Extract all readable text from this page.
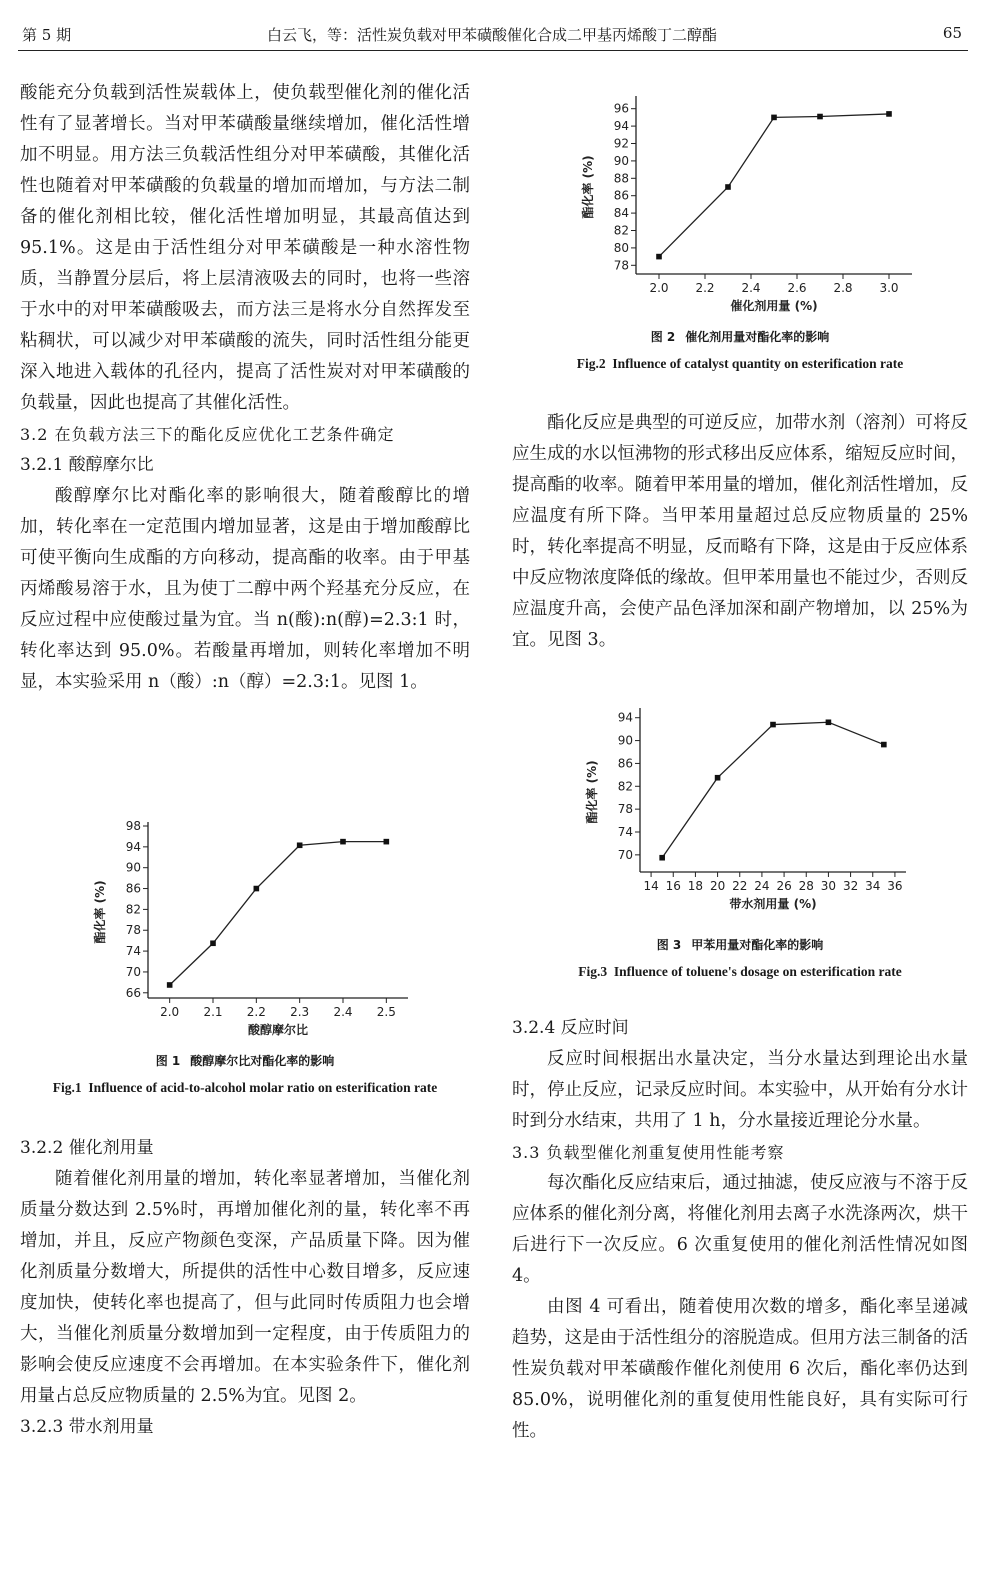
第 5 期	白云飞，等：活性炭负载对甲苯磺酸催化合成二甲基丙烯酸丁二醇酯	65

酸能充分负载到活性炭载体上，使负载型催化剂的催化活性有了显著增长。当对甲苯磺酸量继续增加，催化活性增加不明显。用方法三负载活性组分对甲苯磺酸，其催化活性也随着对甲苯磺酸的负载量的增加而增加，与方法二制备的催化剂相比较，催化活性增加明显，其最高值达到 95.1%。这是由于活性组分对甲苯磺酸是一种水溶性物质，当静置分层后，将上层清液吸去的同时，也将一些溶于水中的对甲苯磺酸吸去，而方法三是将水分自然挥发至粘稠状，可以减少对甲苯磺酸的流失，同时活性组分能更深入地进入载体的孔径内，提高了活性炭对对甲苯磺酸的负载量，因此也提高了其催化活性。

3.2 在负载方法三下的酯化反应优化工艺条件确定
3.2.1 酸醇摩尔比

酸醇摩尔比对酯化率的影响很大，随着酸醇比的增加，转化率在一定范围内增加显著，这是由于增加酸醇比可使平衡向生成酯的方向移动，提高酯的收率。由于甲基丙烯酸易溶于水，且为使丁二醇中两个羟基充分反应，在反应过程中应使酸过量为宜。当 n(酸):n(醇)=2.3:1 时，转化率达到 95.0%。若酸量再增加，则转化率增加不明显，本实验采用 n（酸）:n（醇）=2.3:1。见图 1。

66
70
74
78
82
86
90
94
98
2.0 2.1 2.2 2.3 2.4 2.5
酸醇摩尔比
酯化率 (%)
图 1 酸醇摩尔比对酯化率的影响
Fig.1 Influence of acid-to-alcohol molar ratio on esterification rate
3.2.2 催化剂用量

随着催化剂用量的增加，转化率显著增加，当催化剂质量分数达到 2.5%时，再增加催化剂的量，转化率不再增加，并且，反应产物颜色变深，产品质量下降。因为催化剂质量分数增大，所提供的活性中心数目增多，反应速度加快，使转化率也提高了，但与此同时传质阻力也会增大，当催化剂质量分数增加到一定程度，由于传质阻力的影响会使反应速度不会再增加。在本实验条件下，催化剂用量占总反应物质量的 2.5%为宜。见图 2。

3.2.3 带水剂用量
78
80
82
84
86
88
90
92
94
96
2.0 2.2 2.4 2.6 2.8 3.0
催化剂用量 (%)
酯化率 (%)
图 2 催化剂用量对酯化率的影响
Fig.2 Influence of catalyst quantity on esterification rate

酯化反应是典型的可逆反应，加带水剂（溶剂）可将反应生成的水以恒沸物的形式移出反应体系，缩短反应时间，提高酯的收率。随着甲苯用量的增加，催化剂活性增加，反应温度有所下降。当甲苯用量超过总反应物质量的 25%时，转化率提高不明显，反而略有下降，这是由于反应体系中反应物浓度降低的缘故。但甲苯用量也不能过少，否则反应温度升高，会使产品色泽加深和副产物增加，以 25%为宜。见图 3。

70
74
78
82
86
90
94
14 16 18 20 22 24 26 28 30 32 34 36
带水剂用量 (%)
酯化率 (%)
图 3 甲苯用量对酯化率的影响
Fig.3 Influence of toluene's dosage on esterification rate
3.2.4 反应时间

反应时间根据出水量决定，当分水量达到理论出水量时，停止反应，记录反应时间。本实验中，从开始有分水计时到分水结束，共用了 1 h，分水量接近理论分水量。

3.3 负载型催化剂重复使用性能考察

每次酯化反应结束后，通过抽滤，使反应液与不溶于反应体系的催化剂分离，将催化剂用去离子水洗涤两次，烘干后进行下一次反应。6 次重复使用的催化剂活性情况如图 4。

由图 4 可看出，随着使用次数的增多，酯化率呈递减趋势，这是由于活性组分的溶脱造成。但用方法三制备的活性炭负载对甲苯磺酸作催化剂使用 6 次后，酯化率仍达到 85.0%，说明催化剂的重复使用性能良好，具有实际可行性。
